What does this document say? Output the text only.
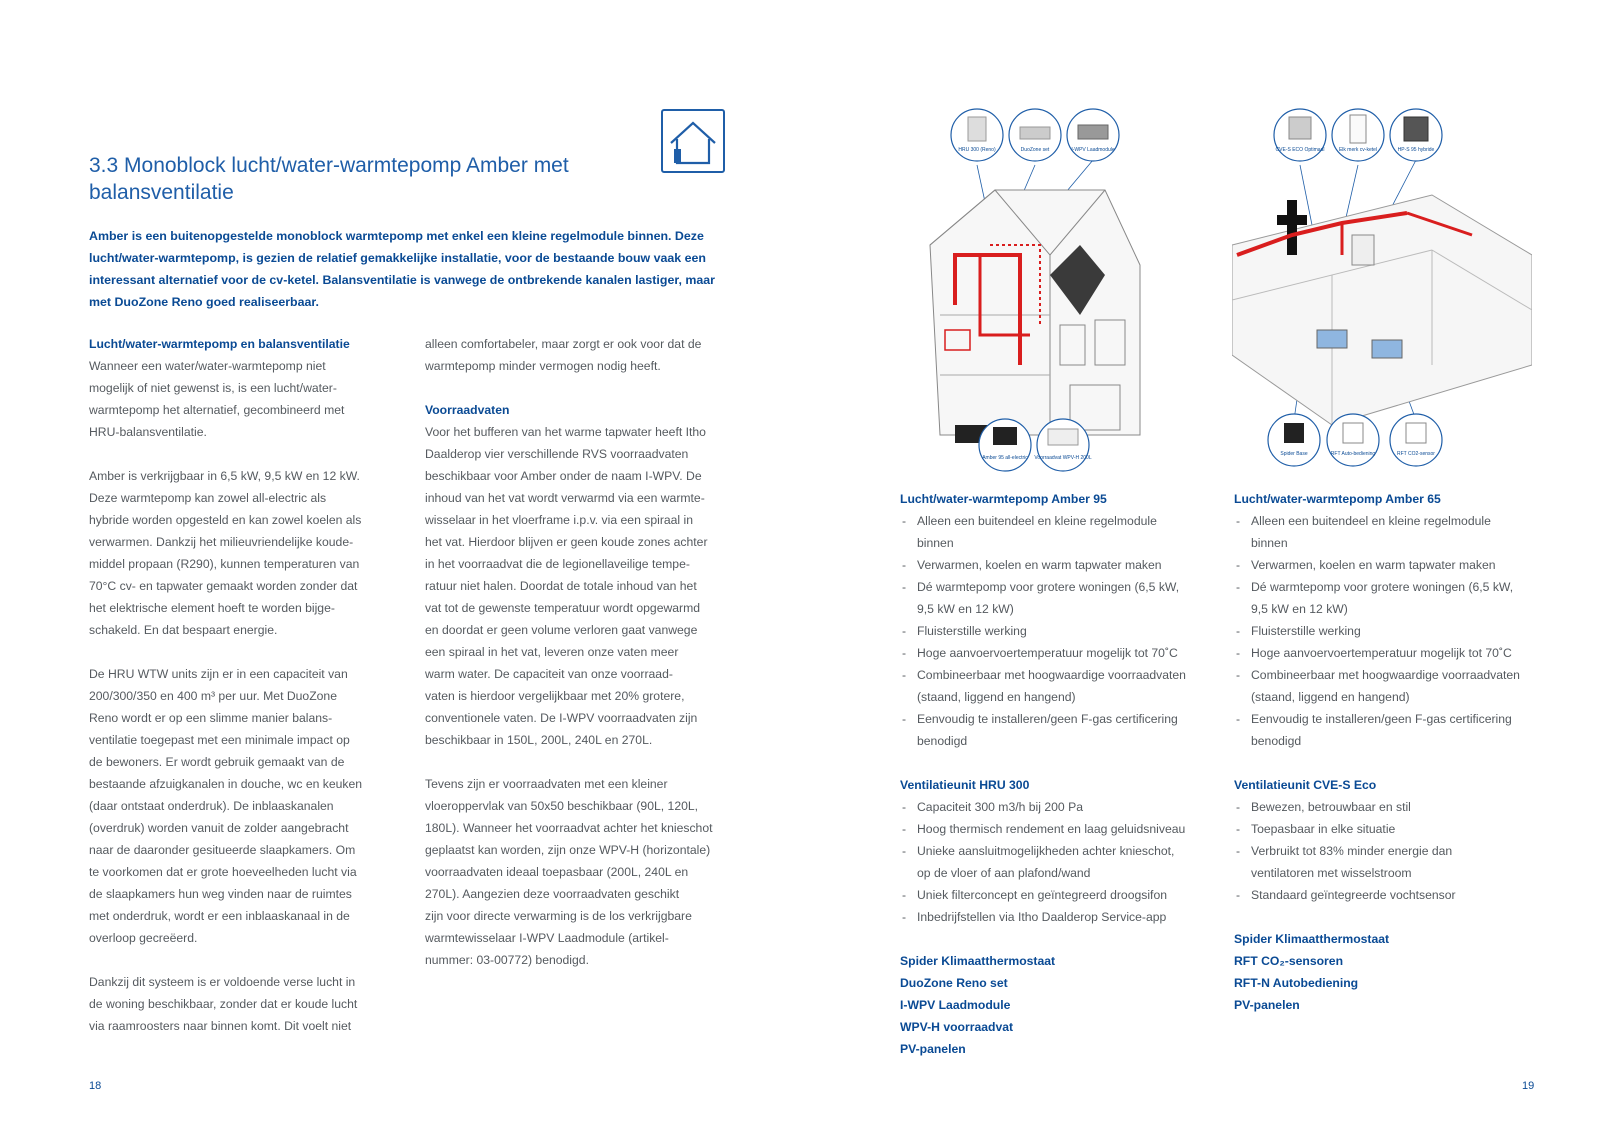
3.3 Monoblock lucht/water-warmtepomp Amber met balansventilatie
Amber is een buitenopgestelde monoblock warmtepomp met enkel een kleine regelmodule binnen. Deze lucht/water-warmtepomp, is gezien de relatief gemakkelijke installatie, voor de bestaande bouw vaak een interessant alternatief voor de cv-ketel. Balansventilatie is vanwege de ontbrekende kanalen lastiger, maar met DuoZone Reno goed realiseerbaar.

Lucht/water-warmtepomp en balansventilatie

Wanneer een water/water-warmtepomp niet
mogelijk of niet gewenst is, is een lucht/water-
warmtepomp het alternatief, gecombineerd met
HRU-balansventilatie.

Amber is verkrijgbaar in 6,5 kW, 9,5 kW en 12 kW.
Deze warmtepomp kan zowel all-electric als
hybride worden opgesteld en kan zowel koelen als
verwarmen. Dankzij het milieuvriendelijke koude-
middel propaan (R290), kunnen temperaturen van
70°C cv- en tapwater gemaakt worden zonder dat
het elektrische element hoeft te worden bijge-
schakeld. En dat bespaart energie.

De HRU WTW units zijn er in een capaciteit van
200/300/350 en 400 m³ per uur. Met DuoZone
Reno wordt er op een slimme manier balans-
ventilatie toegepast met een minimale impact op
de bewoners. Er wordt gebruik gemaakt van de
bestaande afzuigkanalen in douche, wc en keuken
(daar ontstaat onderdruk). De inblaaskanalen
(overdruk) worden vanuit de zolder aangebracht
naar de daaronder gesitueerde slaapkamers. Om
te voorkomen dat er grote hoeveelheden lucht via
de slaapkamers hun weg vinden naar de ruimtes
met onderdruk, wordt er een inblaaskanaal in de
overloop gecreëerd.

Dankzij dit systeem is er voldoende verse lucht in
de woning beschikbaar, zonder dat er koude lucht
via raamroosters naar binnen komt. Dit voelt niet

alleen comfortabeler, maar zorgt er ook voor dat de
warmtepomp minder vermogen nodig heeft.

Voorraadvaten

Voor het bufferen van het warme tapwater heeft Itho
Daalderop vier verschillende RVS voorraadvaten
beschikbaar voor Amber onder de naam I-WPV. De
inhoud van het vat wordt verwarmd via een warmte-
wisselaar in het vloerframe i.p.v. via een spiraal in
het vat. Hierdoor blijven er geen koude zones achter
in het voorraadvat die de legionellaveilige tempe-
ratuur niet halen. Doordat de totale inhoud van het
vat tot de gewenste temperatuur wordt opgewarmd
en doordat er geen volume verloren gaat vanwege
een spiraal in het vat, leveren onze vaten meer
warm water. De capaciteit van onze voorraad-
vaten is hierdoor vergelijkbaar met 20% grotere,
conventionele vaten. De I-WPV voorraadvaten zijn
beschikbaar in 150L, 200L, 240L en 270L.

Tevens zijn er voorraadvaten met een kleiner
vloeroppervlak van 50x50 beschikbaar (90L, 120L,
180L). Wanneer het voorraadvat achter het knieschot
geplaatst kan worden, zijn onze WPV-H (horizontale)
voorraadvaten ideaal toepasbaar (200L, 240L en
270L). Aangezien deze voorraadvaten geschikt
zijn voor directe verwarming is de los verkrijgbare
warmtewisselaar I-WPV Laadmodule (artikel-
nummer: 03-00772) benodigd.

18
HRU 300 (Reno)	DuoZone set	I-WPV Laadmodule
Amber 95 all-electric Voorraadvat WPV-H 200L
CVE-S ECO Optimaal	Elk merk cv-ketel	HP-S 95 hybride
Spider Base	RFT Auto-bediening	RFT CO2-sensor

Lucht/water-warmtepomp Amber 95

- Alleen een buitendeel en kleine regelmodule
binnen

- Verwarmen, koelen en warm tapwater maken

- Dé warmtepomp voor grotere woningen (6,5 kW,
9,5 kW en 12 kW)

- Fluisterstille werking

- Hoge aanvoervoertemperatuur mogelijk tot 70˚C

- Combineerbaar met hoogwaardige voorraadvaten
(staand, liggend en hangend)

- Eenvoudig te installeren/geen F-gas certificering
benodigd

Ventilatieunit HRU 300

- Capaciteit 300 m3/h bij 200 Pa

- Hoog thermisch rendement en laag geluidsniveau

- Unieke aansluitmogelijkheden achter knieschot,
op de vloer of aan plafond/wand

- Uniek filterconcept en geïntegreerd droogsifon

- Inbedrijfstellen via Itho Daalderop Service-app

Spider Klimaatthermostaat

DuoZone Reno set

I-WPV Laadmodule

WPV-H voorraadvat

PV-panelen

Lucht/water-warmtepomp Amber 65

- Alleen een buitendeel en kleine regelmodule
binnen

- Verwarmen, koelen en warm tapwater maken

- Dé warmtepomp voor grotere woningen (6,5 kW,
9,5 kW en 12 kW)

- Fluisterstille werking

- Hoge aanvoervoertemperatuur mogelijk tot 70˚C

- Combineerbaar met hoogwaardige voorraadvaten
(staand, liggend en hangend)

- Eenvoudig te installeren/geen F-gas certificering
benodigd

Ventilatieunit CVE-S Eco

- Bewezen, betrouwbaar en stil

- Toepasbaar in elke situatie

- Verbruikt tot 83% minder energie dan
ventilatoren met wisselstroom

- Standaard geïntegreerde vochtsensor

Spider Klimaatthermostaat

RFT CO₂-sensoren

RFT-N Autobediening

PV-panelen

19
